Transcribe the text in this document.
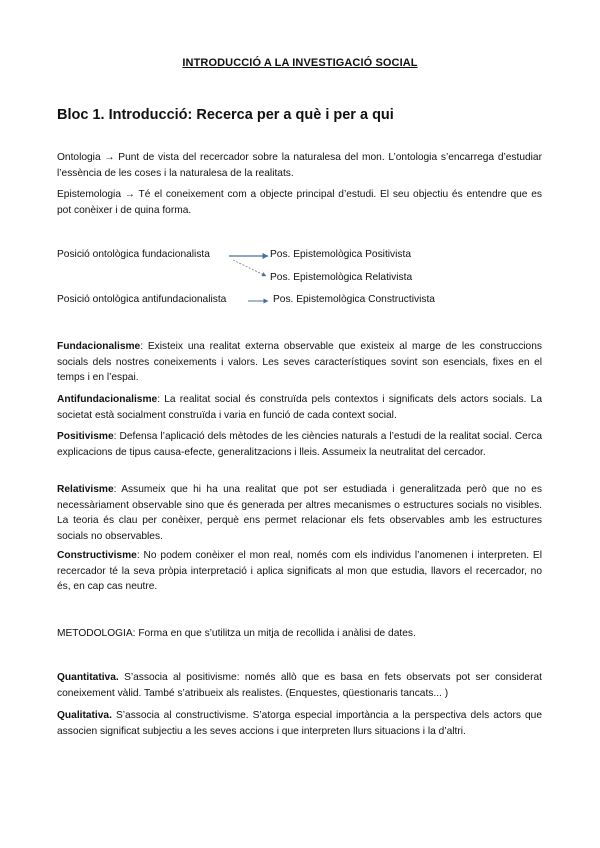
INTRODUCCIÓ A LA INVESTIGACIÓ SOCIAL
Bloc 1. Introducció: Recerca per a què i per a qui

Ontologia → Punt de vista del recercador sobre la naturalesa del mon. L’ontologia s’encarrega d’estudiar l’essència de les coses i la naturalesa de la realitats.

Epistemologia → Té el coneixement com a objecte principal d’estudi. El seu objectiu és entendre que es pot conèixer i de quina forma.

Posició ontològica fundacionalista
Posició ontològica antifundacionalista
Pos. Epistemològica Positivista
Pos. Epistemològica Relativista
Pos. Epistemològica Constructivista

Fundacionalisme: Existeix una realitat externa observable que existeix al marge de les construccions socials dels nostres coneixements i valors. Les seves característiques sovint son esencials, fixes en el temps i en l’espai.

Antifundacionalisme: La realitat social és construïda pels contextos i significats dels actors socials. La societat està socialment construïda i varia en funció de cada context social.

Positivisme: Defensa l’aplicació dels mètodes de les ciències naturals a l’estudi de la realitat social. Cerca explicacions de tipus causa-efecte, generalitzacions i lleis. Assumeix la neutralitat del cercador.

Relativisme: Assumeix que hi ha una realitat que pot ser estudiada i generalitzada però que no es necessàriament observable sino que és generada per altres mecanismes o estructures socials no visibles. La teoria és clau per conèixer, perquè ens permet relacionar els fets observables amb les estructures socials no observables.

Constructivisme: No podem conèixer el mon real, només com els individus l’anomenen i interpreten. El recercador té la seva pròpia interpretació i aplica significats al mon que estudia, llavors el recercador, no és, en cap cas neutre.

METODOLOGIA: Forma en que s’utilitza un mitja de recollida i anàlisi de dates.

Quantitativa. S’associa al positivisme: només allò que es basa en fets observats pot ser considerat coneixement vàlid. També s’atribueix als realistes. (Enquestes, qüestionaris tancats... )

Qualitativa. S’associa al constructivisme. S’atorga especial importància a la perspectiva dels actors que associen significat subjectiu a les seves accions i que interpreten llurs situacions i la d’altri.
